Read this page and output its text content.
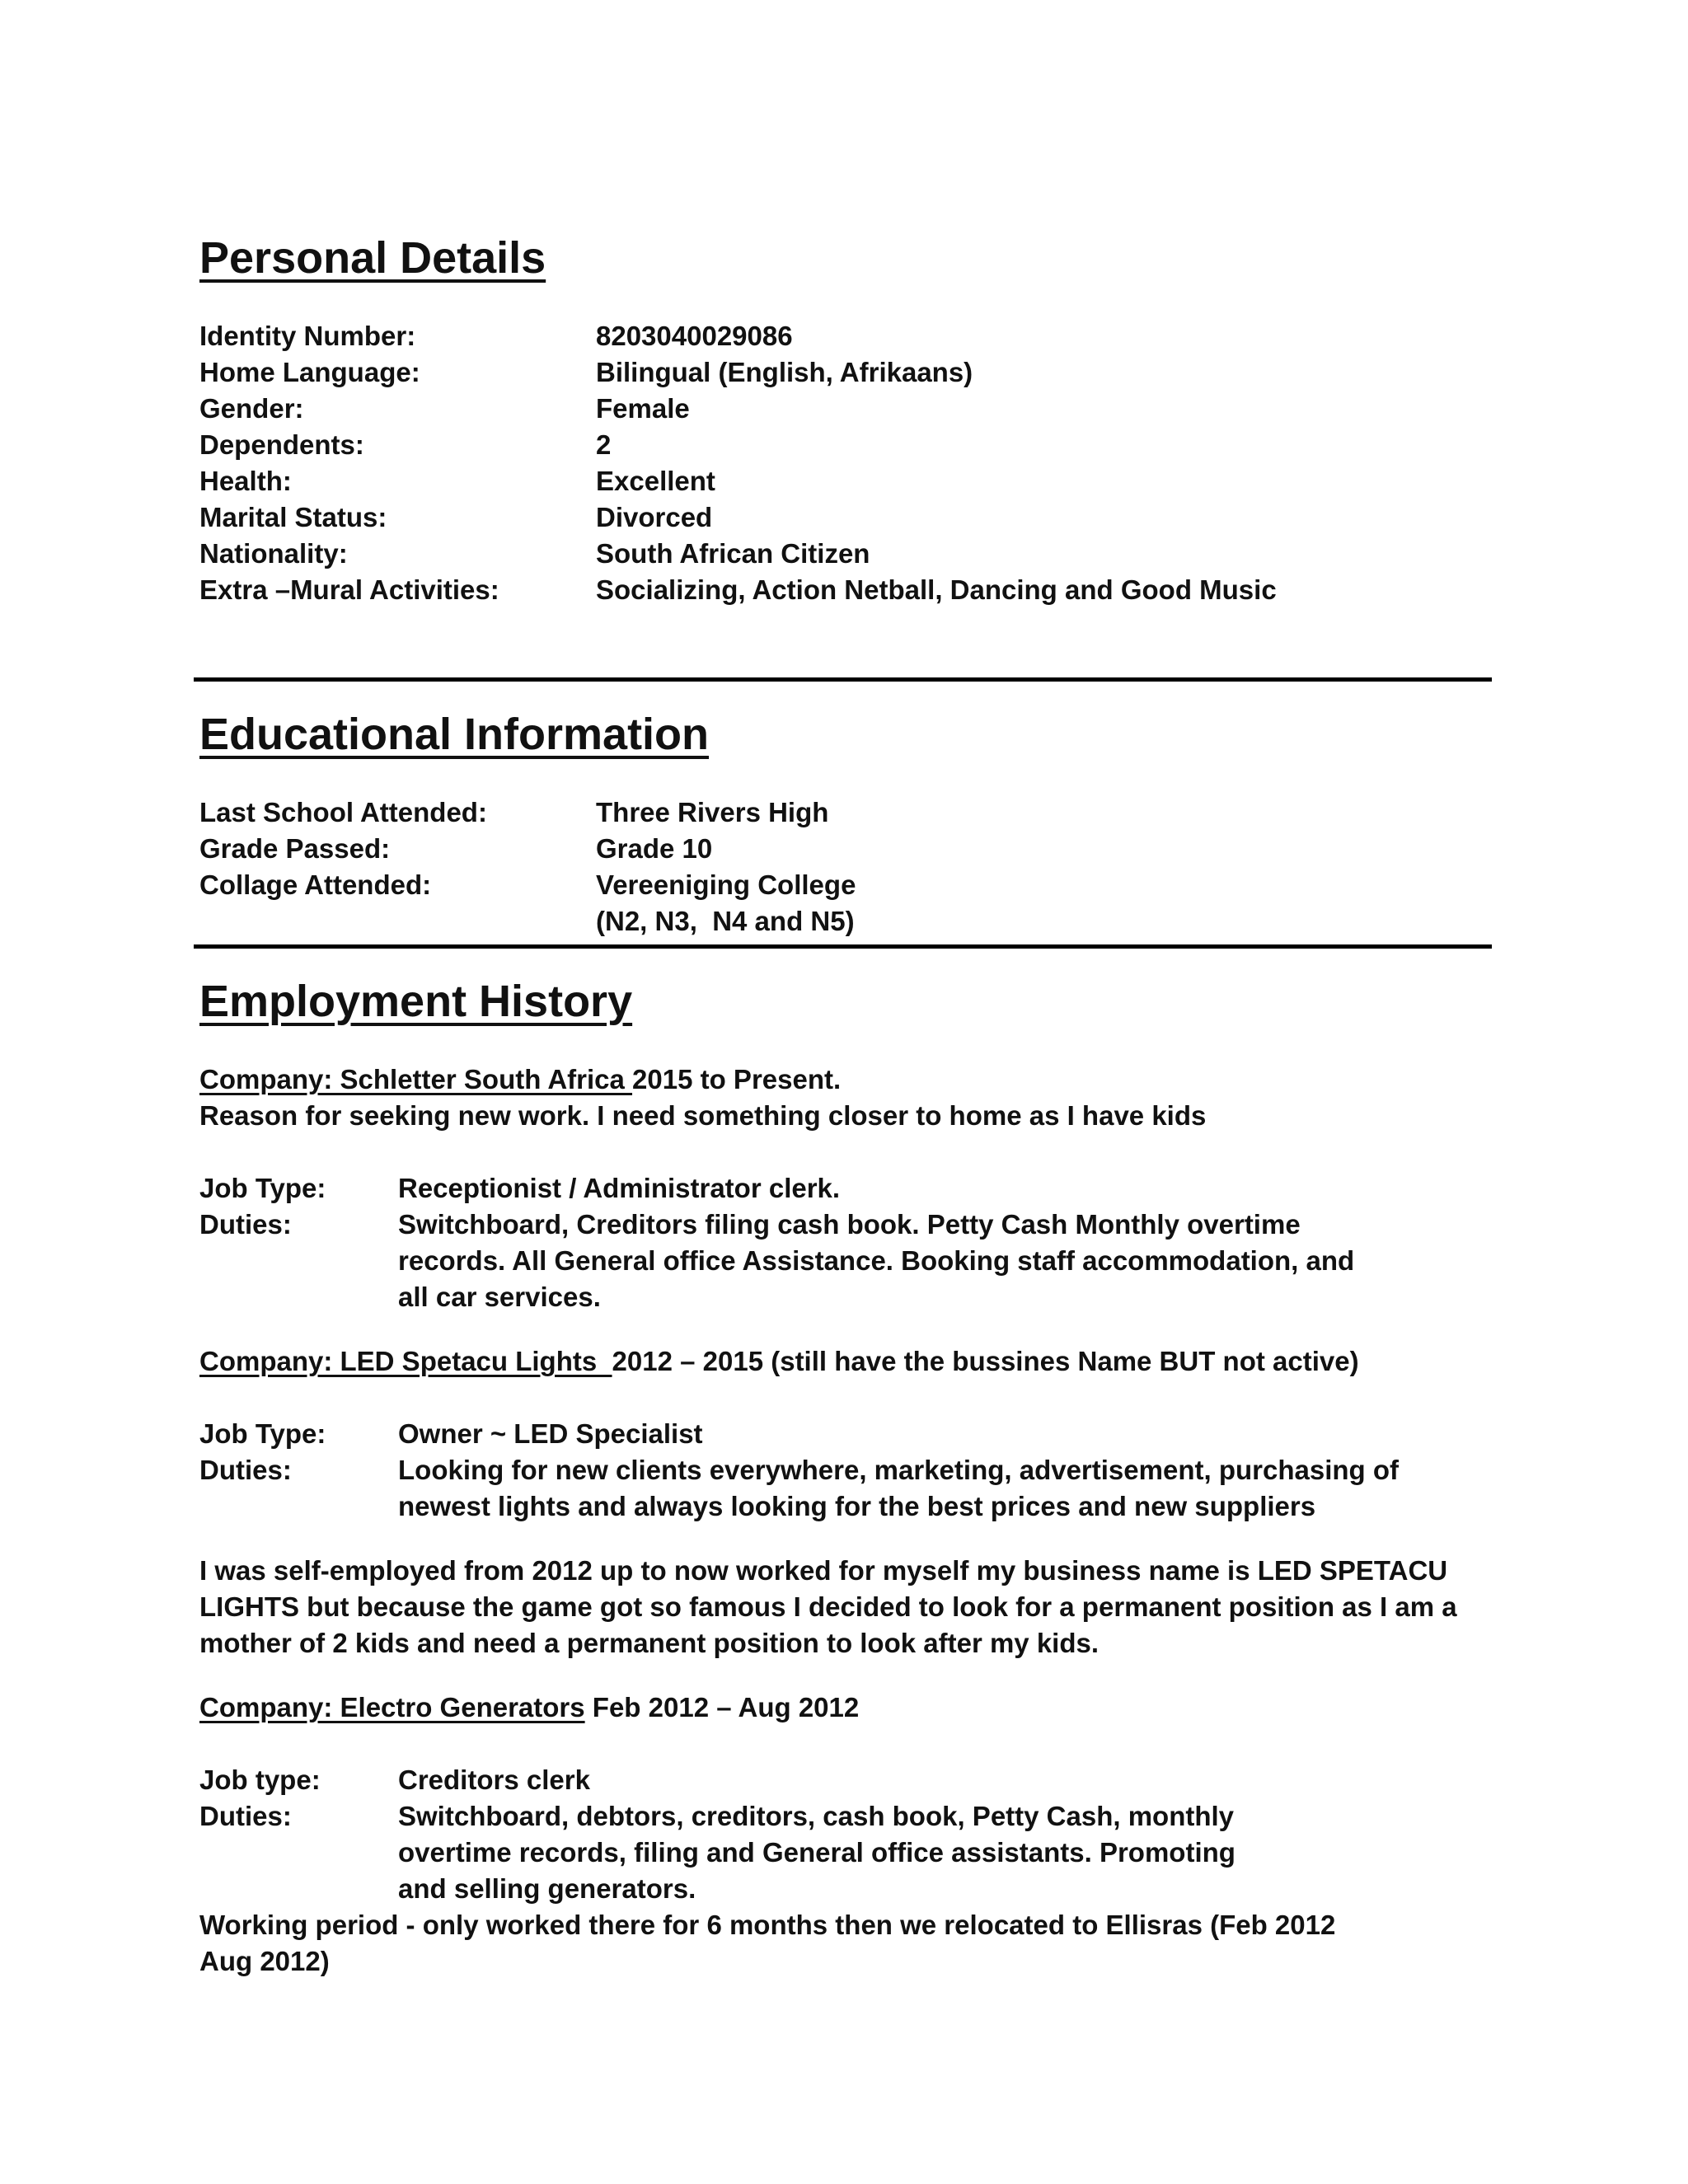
Personal Details
Identity Number:	8203040029086
Home Language:	Bilingual (English, Afrikaans)
Gender:	Female
Dependents:	2
Health:	Excellent
Marital Status:	Divorced
Nationality:	South African Citizen
Extra –Mural Activities:	Socializing, Action Netball, Dancing and Good Music
Educational Information
Last School Attended:	Three Rivers High
Grade Passed:	Grade 10
Collage Attended:	Vereeniging College
(N2, N3,  N4 and N5)
Employment History
Company: Schletter South Africa 2015 to Present.
Reason for seeking new work. I need something closer to home as I have kids
Job Type:	Receptionist / Administrator clerk.
Duties:	Switchboard, Creditors filing cash book. Petty Cash Monthly overtime
records. All General office Assistance. Booking staff accommodation, and
all car services.
Company: LED Spetacu Lights  2012 – 2015 (still have the bussines Name BUT not active)
Job Type:	Owner ~ LED Specialist
Duties:	Looking for new clients everywhere, marketing, advertisement, purchasing of
newest lights and always looking for the best prices and new suppliers
I was self-employed from 2012 up to now worked for myself my business name is LED SPETACU
LIGHTS but because the game got so famous I decided to look for a permanent position as I am a
mother of 2 kids and need a permanent position to look after my kids.
Company: Electro Generators Feb 2012 – Aug 2012
Job type:	Creditors clerk
Duties:	Switchboard, debtors, creditors, cash book, Petty Cash, monthly
overtime records, filing and General office assistants. Promoting
and selling generators.
Working period - only worked there for 6 months then we relocated to Ellisras (Feb 2012
Aug 2012)
